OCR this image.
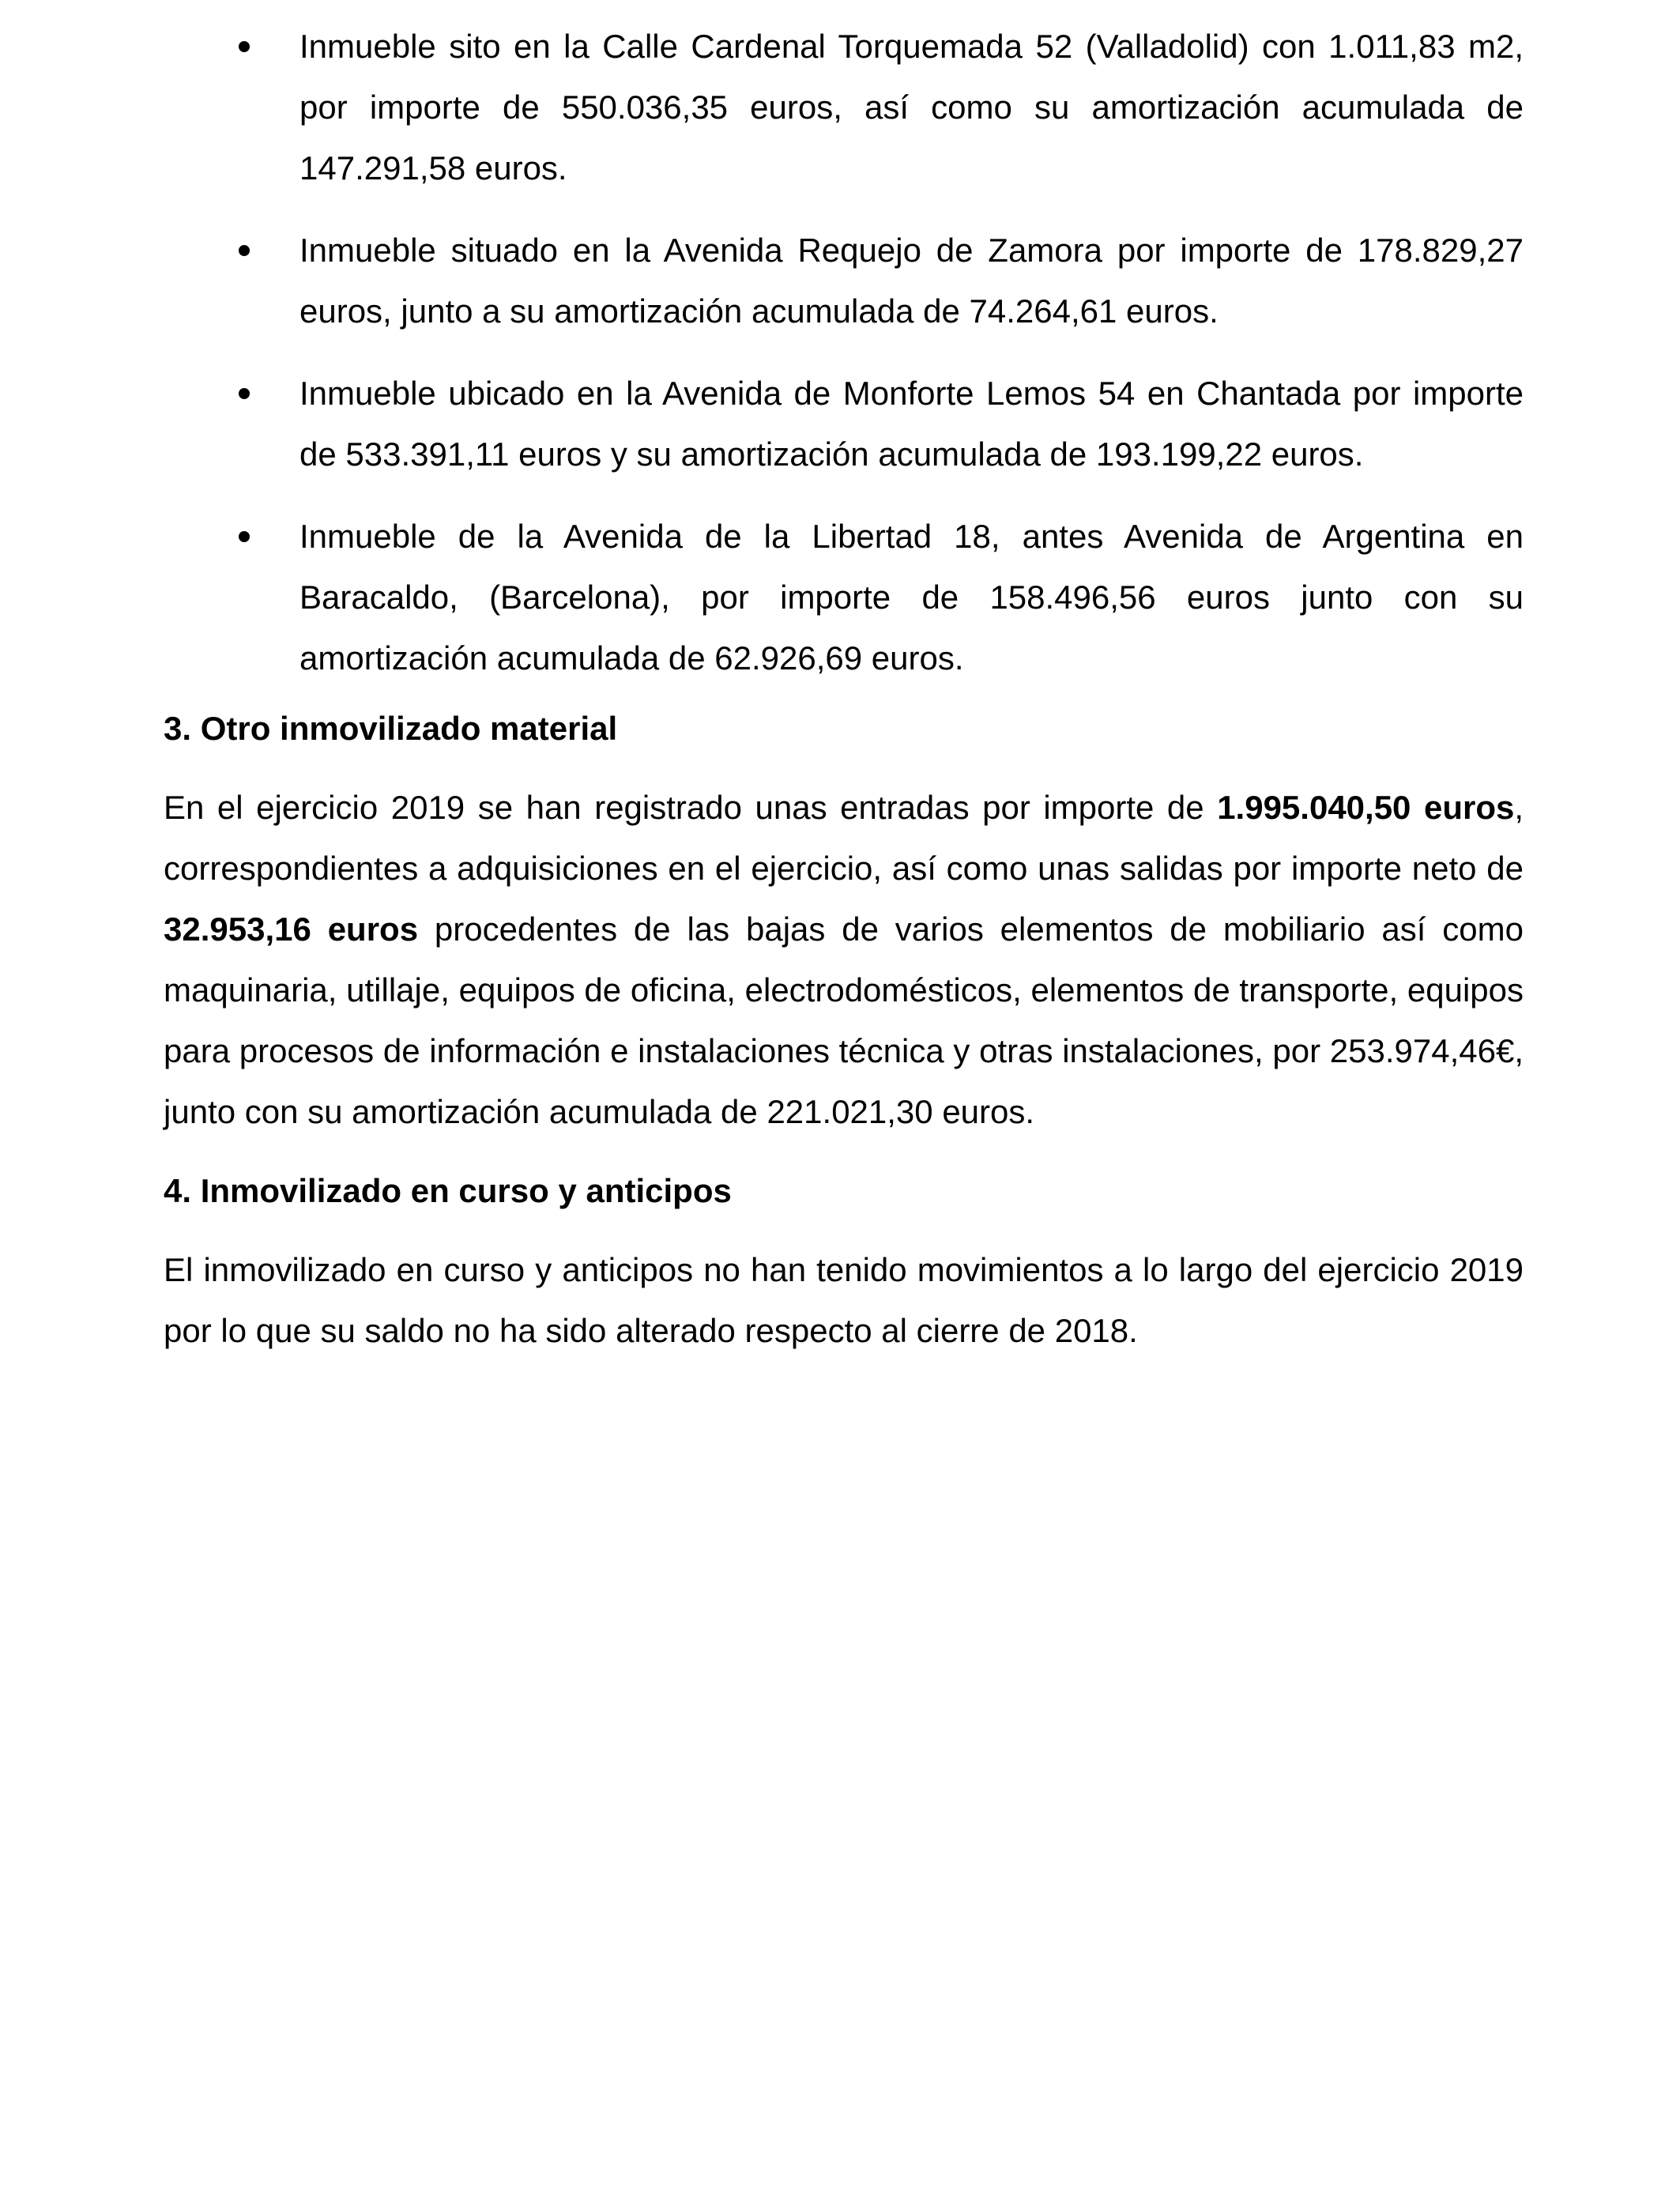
Inmueble sito en la Calle Cardenal Torquemada 52 (Valladolid) con 1.011,83 m2, por importe de 550.036,35 euros, así como su amortización acumulada de 147.291,58 euros.
Inmueble situado en la Avenida Requejo de Zamora por importe de 178.829,27 euros, junto a su amortización acumulada de 74.264,61 euros.
Inmueble ubicado en la Avenida de Monforte Lemos 54 en Chantada por importe de 533.391,11 euros y su amortización acumulada de 193.199,22 euros.
Inmueble de la Avenida de la Libertad 18, antes Avenida de Argentina en Baracaldo, (Barcelona), por importe de 158.496,56 euros junto con su amortización acumulada de 62.926,69 euros.
3. Otro inmovilizado material

En el ejercicio 2019 se han registrado unas entradas por importe de 1.995.040,50 euros, correspondientes a adquisiciones en el ejercicio, así como unas salidas por importe neto de 32.953,16 euros procedentes de las bajas de varios elementos de mobiliario así como maquinaria, utillaje, equipos de oficina, electrodomésticos, elementos de transporte, equipos para procesos de información e instalaciones técnica y otras instalaciones, por 253.974,46€, junto con su amortización acumulada de 221.021,30 euros.

4. Inmovilizado en curso y anticipos

El inmovilizado en curso y anticipos no han tenido movimientos a lo largo del ejercicio 2019 por lo que su saldo no ha sido alterado respecto al cierre de 2018.
